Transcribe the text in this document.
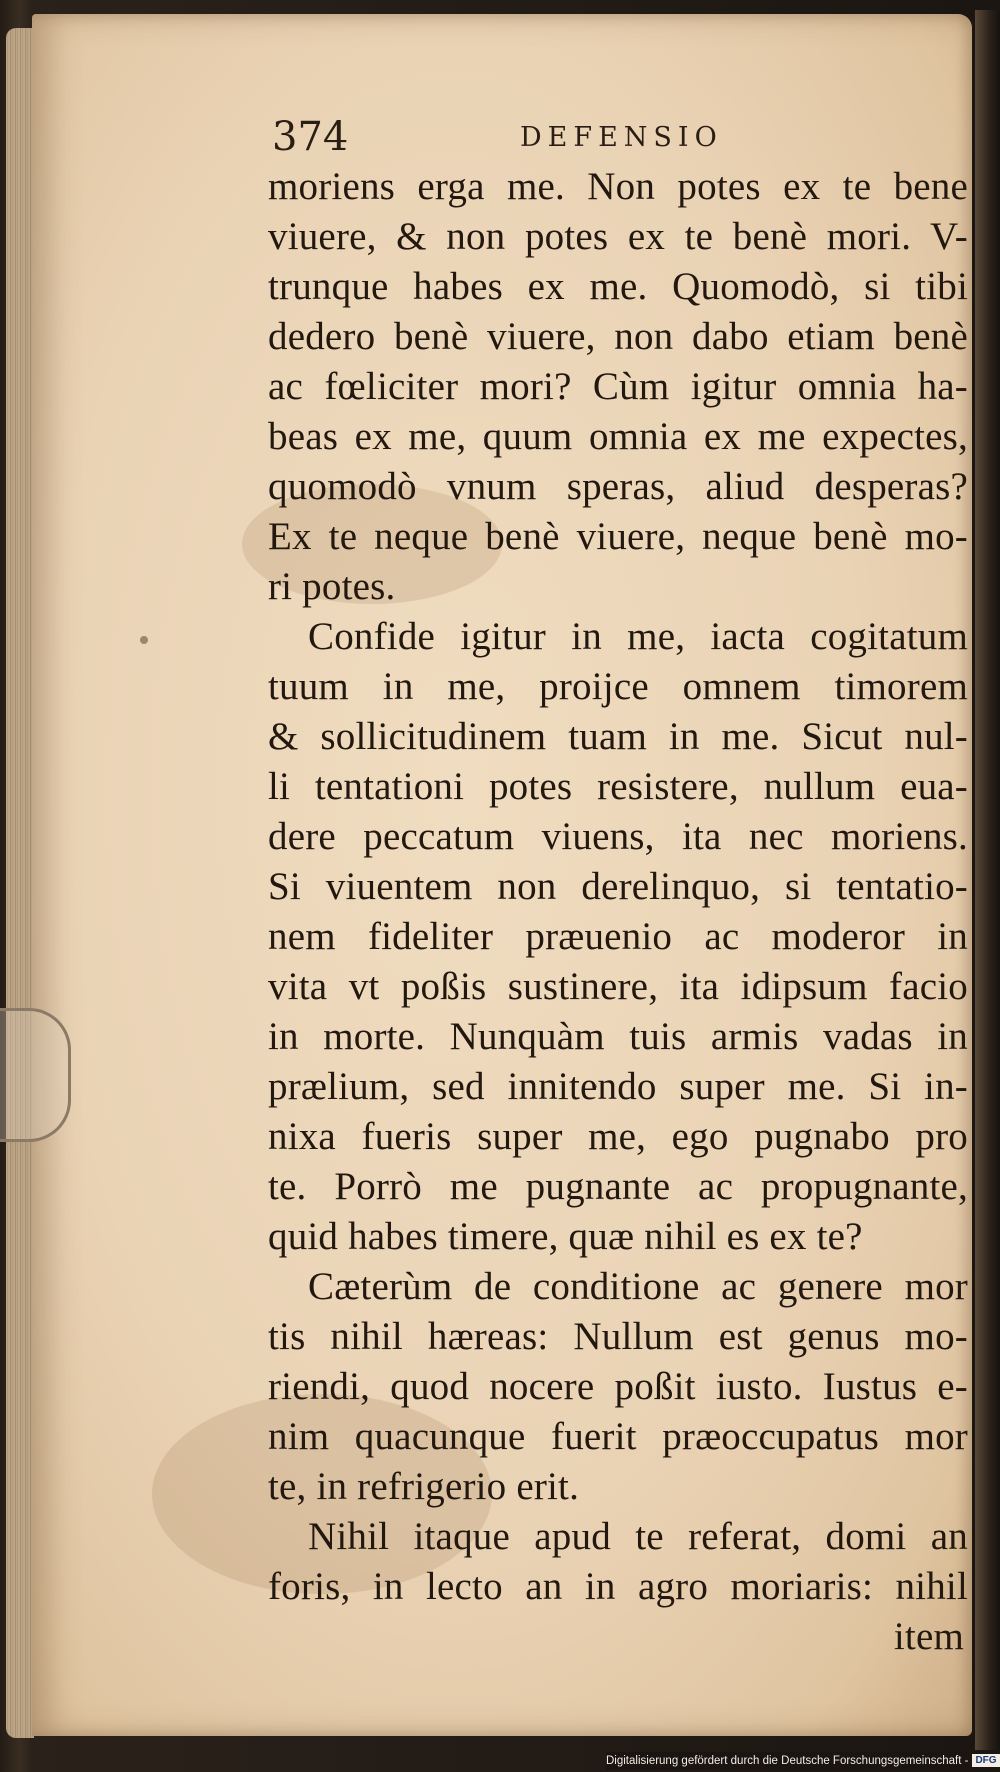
374	DEFENSIO
moriens erga me. Non potes ex te bene
viuere, & non potes ex te benè mori. V-
trunque habes ex me. Quomodò, si tibi
dedero benè viuere, non dabo etiam benè
ac fœliciter mori? Cùm igitur omnia ha-
beas ex me, quum omnia ex me expectes,
quomodò vnum speras, aliud desperas?
Ex te neque benè viuere, neque benè mo-
ri potes.
Confide igitur in me, iacta cogitatum
tuum in me, proijce omnem timorem
& sollicitudinem tuam in me. Sicut nul-
li tentationi potes resistere, nullum eua-
dere peccatum viuens, ita nec moriens.
Si viuentem non derelinquo, si tentatio-
nem fideliter præuenio ac moderor in
vita vt poßis sustinere, ita idipsum facio
in morte. Nunquàm tuis armis vadas in
prælium, sed innitendo super me. Si in-
nixa fueris super me, ego pugnabo pro
te. Porrò me pugnante ac propugnante,
quid habes timere, quæ nihil es ex te?
Cæterùm de conditione ac genere mor
tis nihil hæreas: Nullum est genus mo-
riendi, quod nocere poßit iusto. Iustus e-
nim quacunque fuerit præoccupatus mor
te, in refrigerio erit.
Nihil itaque apud te referat, domi an
foris, in lecto an in agro moriaris: nihil
item
Digitalisierung gefördert durch die Deutsche Forschungsgemeinschaft - DFG
